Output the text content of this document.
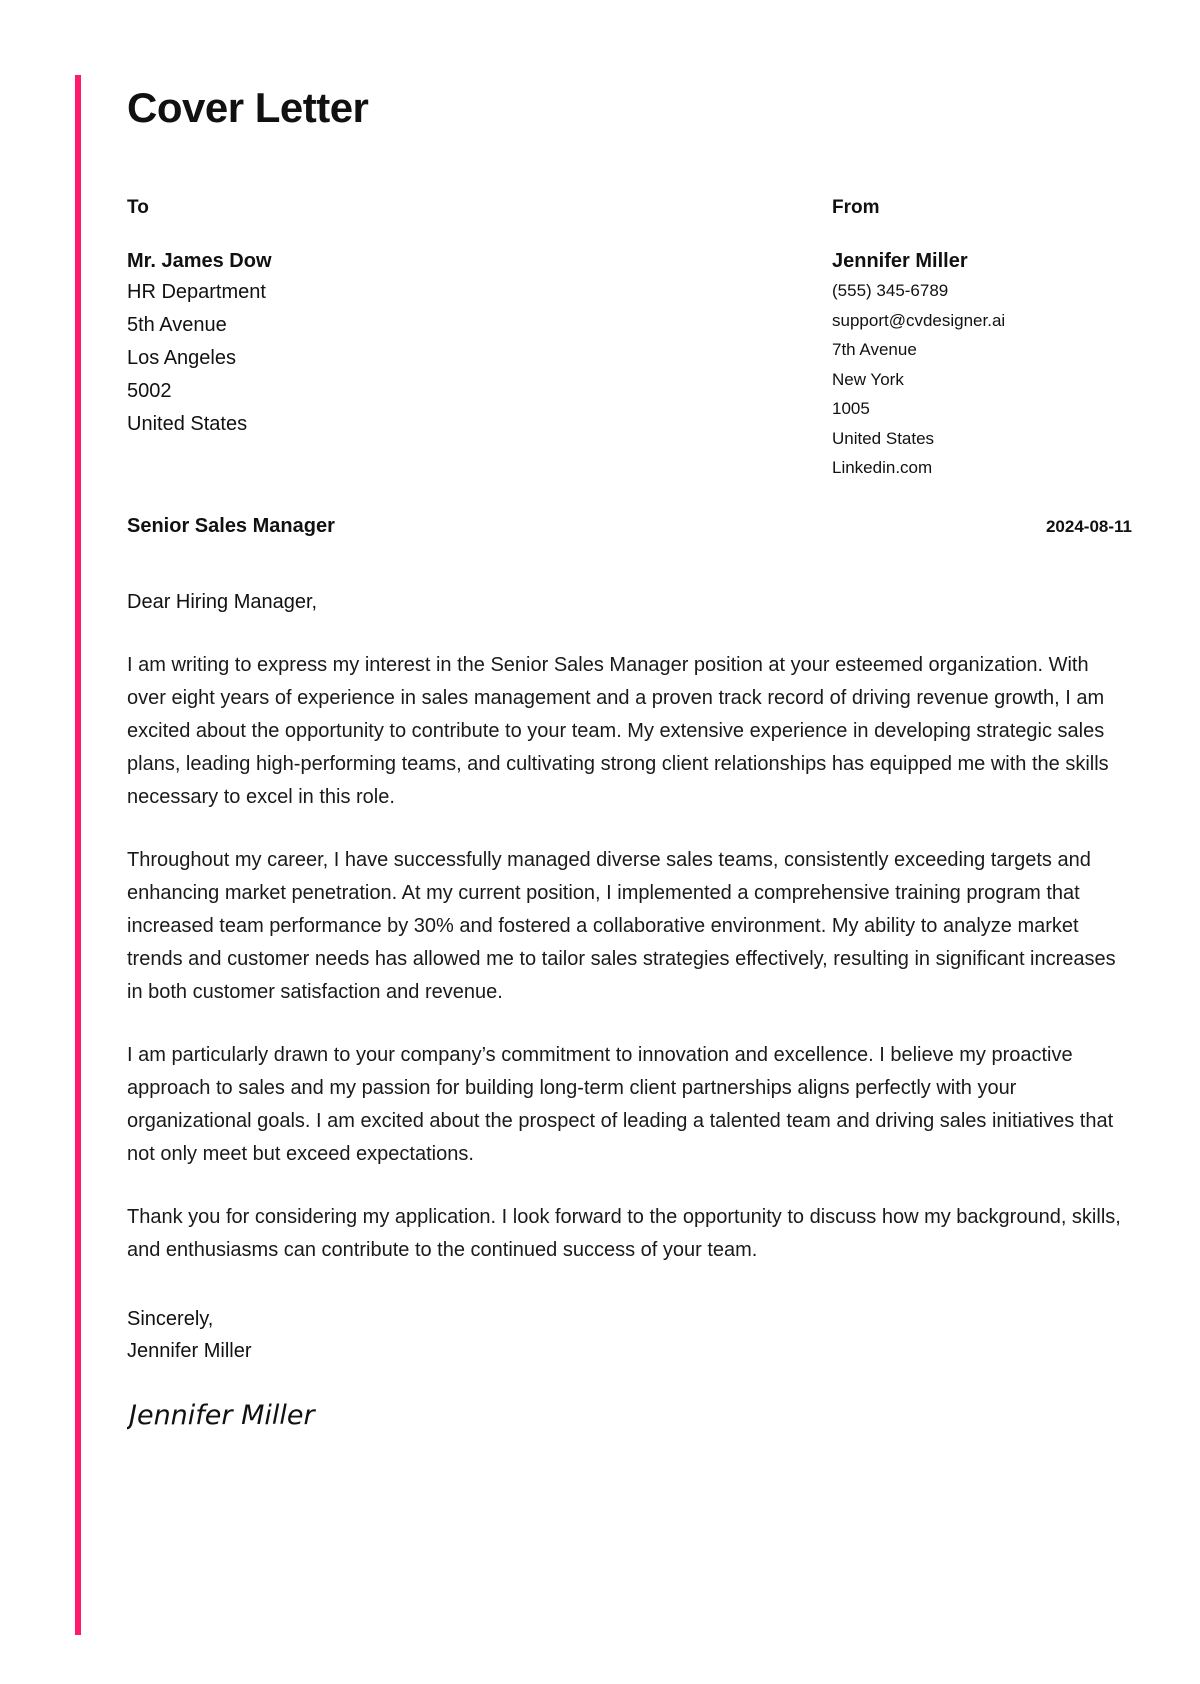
Cover Letter
To
Mr. James Dow
HR Department
5th Avenue
Los Angeles
5002
United States
From
Jennifer Miller
(555) 345-6789
support@cvdesigner.ai
7th Avenue
New York
1005
United States
Linkedin.com
Senior Sales Manager	2024-08-11
Dear Hiring Manager,

I am writing to express my interest in the Senior Sales Manager position at your esteemed organization. With over eight years of experience in sales management and a proven track record of driving revenue growth, I am excited about the opportunity to contribute to your team. My extensive experience in developing strategic sales plans, leading high-performing teams, and cultivating strong client relationships has equipped me with the skills necessary to excel in this role.

Throughout my career, I have successfully managed diverse sales teams, consistently exceeding targets and enhancing market penetration. At my current position, I implemented a comprehensive training program that increased team performance by 30% and fostered a collaborative environment. My ability to analyze market trends and customer needs has allowed me to tailor sales strategies effectively, resulting in significant increases in both customer satisfaction and revenue.

I am particularly drawn to your company’s commitment to innovation and excellence. I believe my proactive approach to sales and my passion for building long-term client partnerships aligns perfectly with your organizational goals. I am excited about the prospect of leading a talented team and driving sales initiatives that not only meet but exceed expectations.

Thank you for considering my application. I look forward to the opportunity to discuss how my background, skills, and enthusiasms can contribute to the continued success of your team.

Sincerely,
Jennifer Miller
Jennifer Miller
